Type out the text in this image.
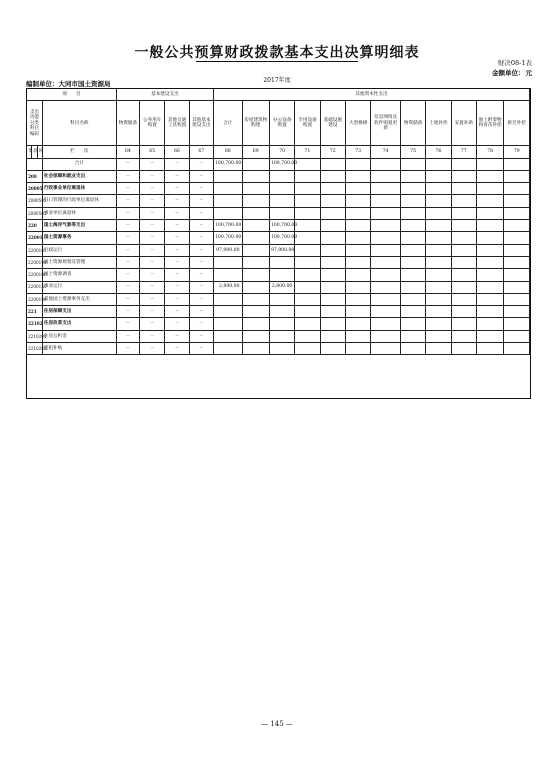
一般公共预算财政拨款基本支出决算明细表
财决08-1表
金额单位：元
编制单位：大同市国土资源局	2017年度
项　　目				基本建设支出				其他资本性支出											
支出功能分类科目编码			科目名称	物资储备	公务用车购置	其他交通工具购置	其他基本建设支出	合计	房屋建筑物购建	办公设备购置	专用设备购置	基础设施建设	大型修缮	信息网络及软件购置更新	物资储备	土地补偿	安置补助	地上附着物和青苗补偿	拆迁补偿
类	款	项	栏　　次	64	65	66	67	68	69	70	71	72	73	74	75	76	77	78	79
			合计	－	－	－	－	100,700.00		100,700.00									
208			社会保障和就业支出	－	－	－	－												
20805			行政事业单位离退休	－	－	－	－												
2080501			归口管理的行政单位离退休	－	－	－	－												
2080502			事业单位离退休	－	－	－	－												
220			国土海洋气象等支出	－	－	－	－	100,700.00		100,700.00									
22001			国土资源事务	－	－	－	－	100,700.00		100,700.00									
2200101			行政运行	－	－	－	－	97,900.00		97,900.00									
2200104			国土资源规划及管理	－	－	－	－												
2200106			国土资源调查	－	－	－	－												
2200150			事业运行	－	－	－	－	2,800.00		2,800.00									
2200199			其他国土资源事务支出	－	－	－	－												
221			住房保障支出	－	－	－	－												
22102			住房改革支出	－	－	－	－												
2210201			住房公积金	－	－	－	－												
2210202			提租补贴	－	－	－	－												
— 145 —
